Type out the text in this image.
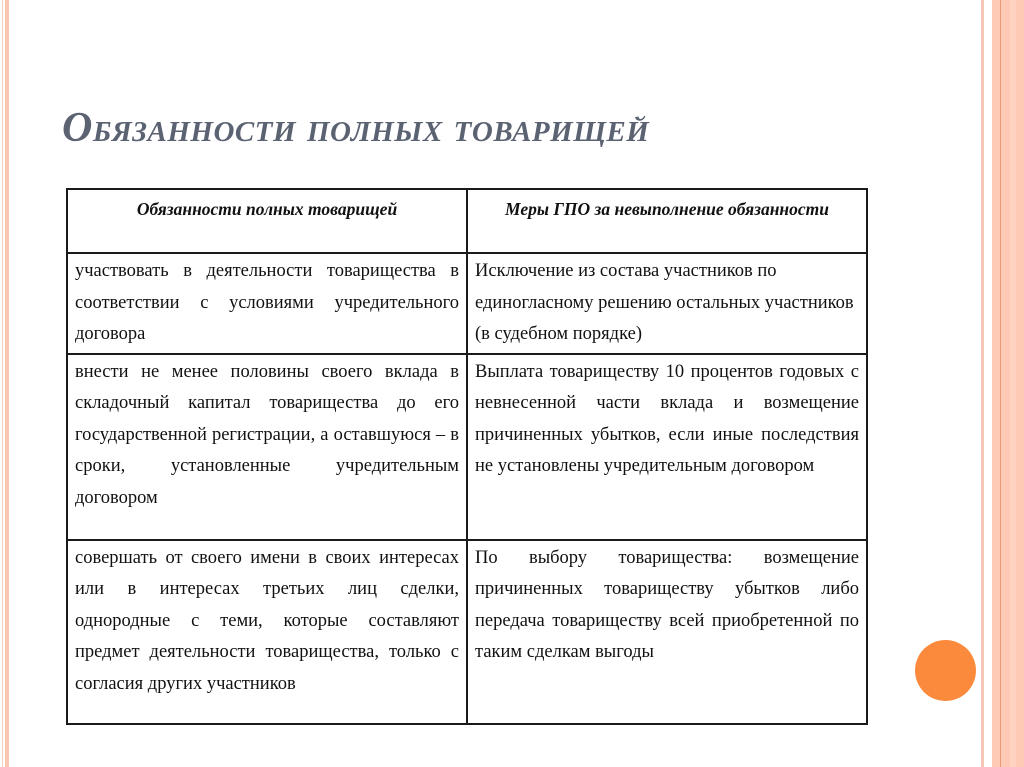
Обязанности полных товарищей
Обязанности полных товарищей	Меры ГПО за невыполнение обязанности
участвовать в деятельности товарищества в соответствии с условиями учредительного договора	Исключение из состава участников по единогласному решению остальных участников (в судебном порядке)
внести не менее половины своего вклада в складочный капитал товарищества до его государственной регистрации, а оставшуюся – в сроки, установленные учредительным договором	Выплата товариществу 10 процентов годовых с невнесенной части вклада и возмещение причиненных убытков, если иные последствия не установлены учредительным договором
совершать от своего имени в своих интересах или в интересах третьих лиц сделки, однородные с теми, которые составляют предмет деятельности товарищества, только с согласия других участников	По выбору товарищества: возмещение причиненных товариществу убытков либо передача товариществу всей приобретенной по таким сделкам выгоды
